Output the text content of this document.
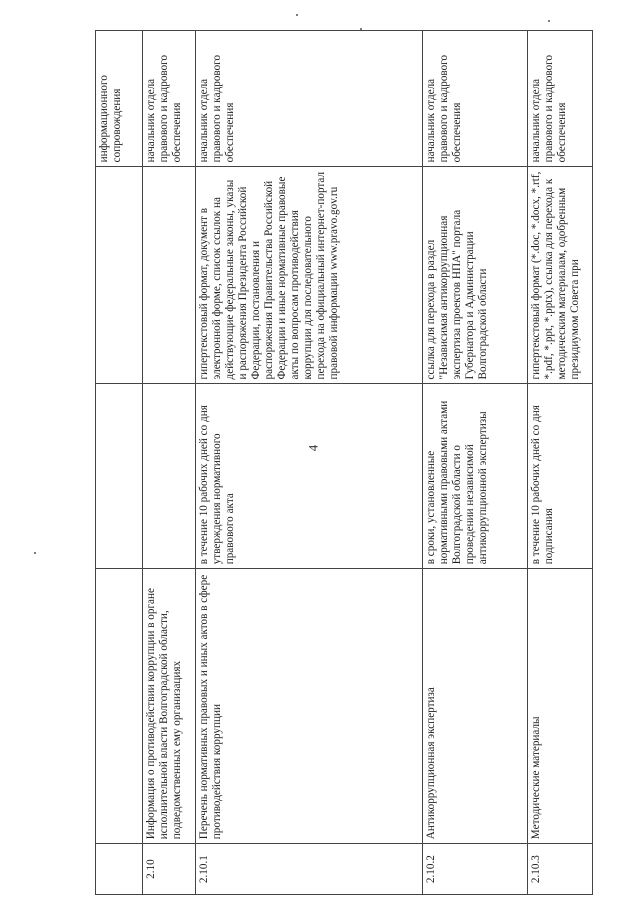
4

				информационного сопровождения

2.10	Информация о противодействии коррупции в органе исполнительной власти Волгоградской области, подведомственных ему организациях			начальник отдела правового и кадрового обеспечения
2.10.1	Перечень нормативных правовых и иных актов в сфере противодействия коррупции	в течение 10 рабочих дней со дня утверждения нормативного правового акта	гипертекстовый формат, документ в электронной форме, список ссылок на действующие федеральные законы, указы и распоряжения Президента Российской Федерации, постановления и распоряжения Правительства Российской Федерации и иные нормативные правовые акты по вопросам противодействия коррупции для последовательного перехода на официальный интернет-портал правовой информации www.pravo.gov.ru	начальник отдела правового и кадрового обеспечения
2.10.2	Антикоррупционная экспертиза	в сроки, установленные нормативными правовыми актами Волгоградской области о проведении независимой антикоррупционной экспертизы	ссылка для перехода в раздел "Независимая антикоррупционная экспертиза проектов НПА" портала Губернатора и Администрации Волгоградской области	начальник отдела правового и кадрового обеспечения
2.10.3	Методические материалы	в течение 10 рабочих дней со дня подписания	гипертекстовый формат (*.doc, *.docx, *.rtf, *.pdf, *.ppt, *.pptx), ссылка для перехода к методическим материалам, одобренным президиумом Совета при	начальник отдела правового и кадрового обеспечения
